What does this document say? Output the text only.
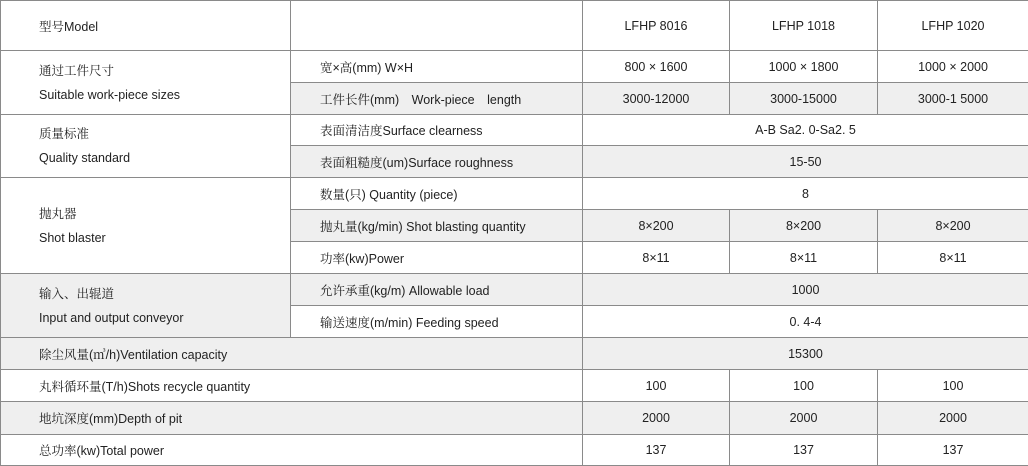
型号Model		LFHP 8016	LFHP 1018	LFHP 1020

通过工件尺寸
Suitable work-piece sizes	宽×高(mm) W×H	800 × 1600	1000 × 1800	1000 × 2000
	工件长件(mm)　Work-piece　length	3000-12000	3000-15000	3000-1 5000

质量标准
Quality standard	表面清洁度Surface clearness	A-B Sa2. 0-Sa2. 5		
	表面粗糙度(um)Surface roughness	15-50		

抛丸器
Shot blaster	数量(只) Quantity (piece)	8		
	抛丸量(kg/min) Shot blasting quantity	8×200	8×200	8×200
	功率(kw)Power	8×11	8×11	8×11

输入、出辊道
Input and output conveyor	允许承重(kg/m) Allowable load	1000		
	输送速度(m/min) Feeding speed	0. 4-4		
除尘风量(㎥/h)Ventilation capacity		15300		
丸料循环量(T/h)Shots recycle quantity		100	100	100
地坑深度(mm)Depth of pit		2000	2000	2000
总功率(kw)Total power		137	137	137
